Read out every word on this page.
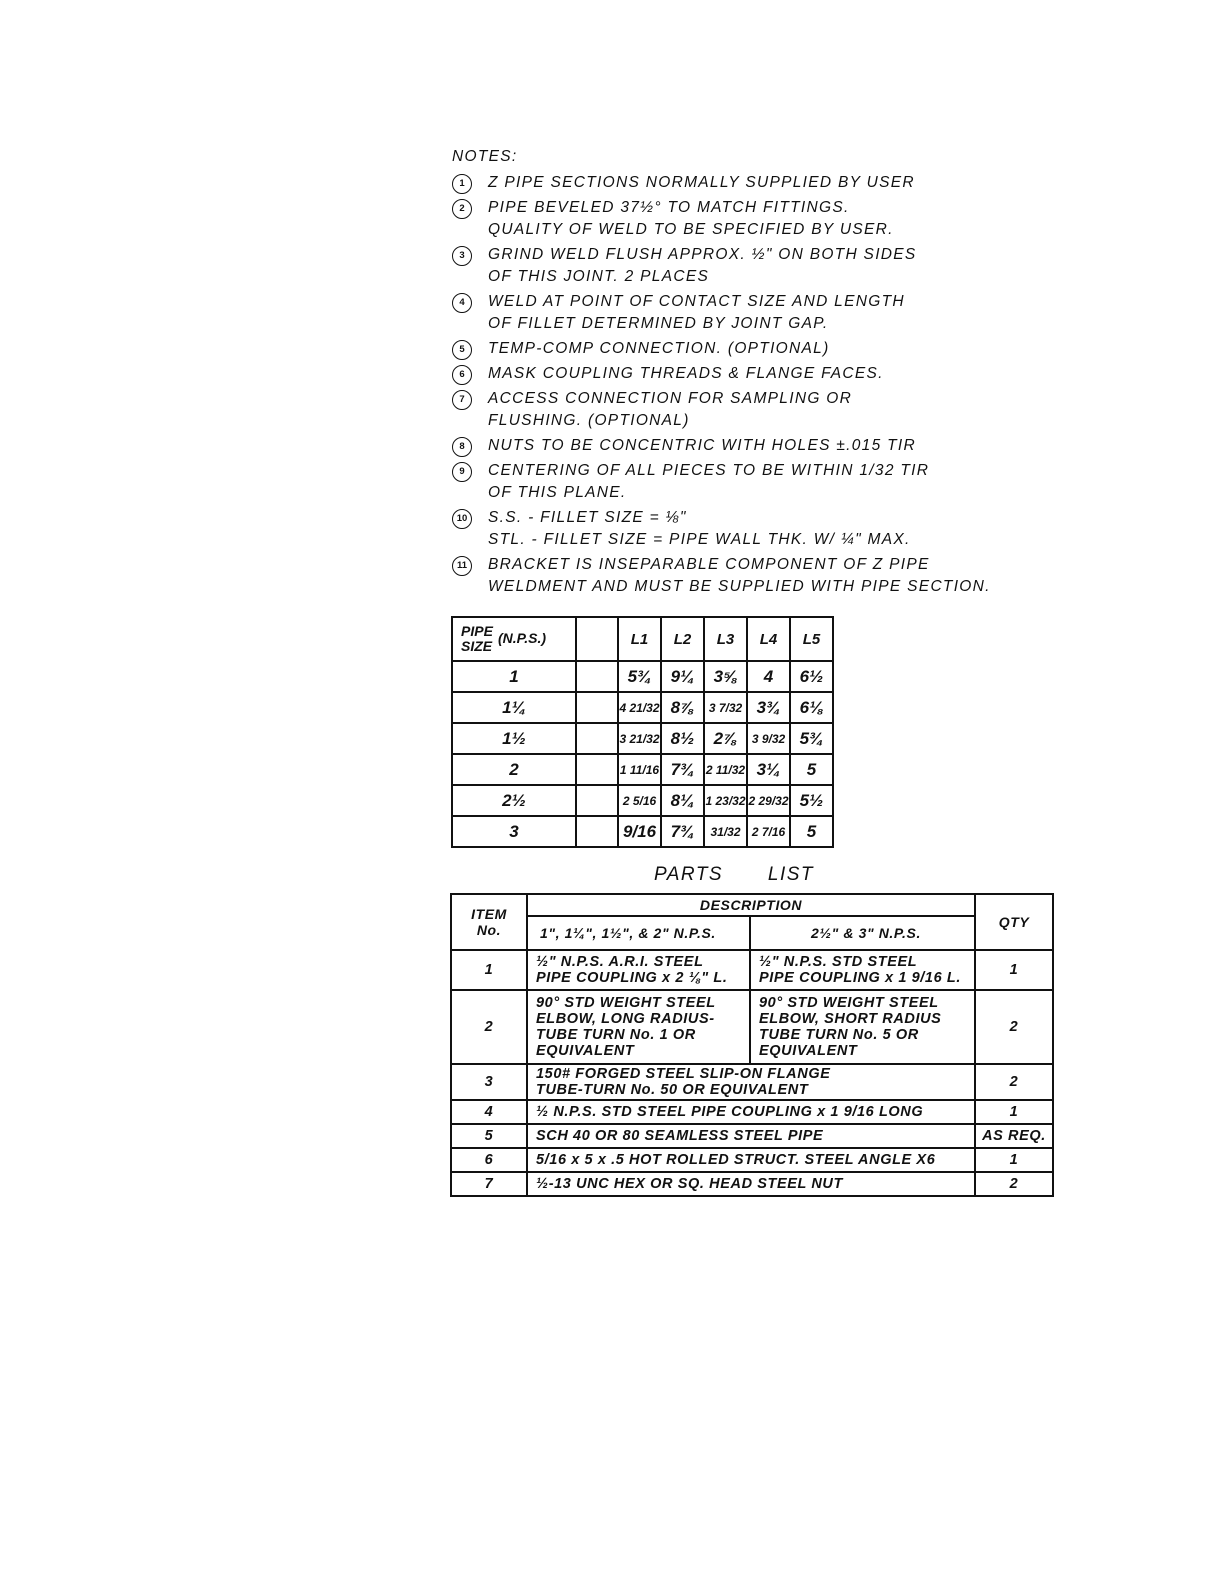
NOTES:
1	Z PIPE SECTIONS NORMALLY SUPPLIED BY USER
2	PIPE BEVELED 37½° TO MATCH FITTINGS.
QUALITY OF WELD TO BE SPECIFIED BY USER.
3	GRIND WELD FLUSH APPROX. ½" ON BOTH SIDES
OF THIS JOINT. 2 PLACES
4	WELD AT POINT OF CONTACT SIZE AND LENGTH
OF FILLET DETERMINED BY JOINT GAP.
5	TEMP-COMP CONNECTION. (OPTIONAL)
6	MASK COUPLING THREADS & FLANGE FACES.
7	ACCESS CONNECTION FOR SAMPLING OR
FLUSHING. (OPTIONAL)
8	NUTS TO BE CONCENTRIC WITH HOLES ±.015 TIR
9	CENTERING OF ALL PIECES TO BE WITHIN 1/32 TIR
OF THIS PLANE.
10	S.S. - FILLET SIZE = ⅛"
STL. - FILLET SIZE = PIPE WALL THK. W/ ¼" MAX.
11	BRACKET IS INSEPARABLE COMPONENT OF Z PIPE
WELDMENT AND MUST BE SUPPLIED WITH PIPE SECTION.
PIPE
SIZE (N.P.S.)		L1	L2	L3	L4	L5
1		5¾	9¼	3⅝	4	6½
1¼		4 21/32	8⅞	3 7/32	3¾	6⅛
1½		3 21/32	8½	2⅞	3 9/32	5¾
2		1 11/16	7¾	2 11/32	3¼	5
2½		2 5/16	8¼	1 23/32	2 29/32	5½
3		9/16	7¾	31/32	2 7/16	5
PARTS LIST
ITEM
No.	DESCRIPTION		QTY
	1", 1¼", 1½", & 2" N.P.S.	2½" & 3" N.P.S.	
1	½" N.P.S. A.R.I. STEEL
PIPE COUPLING x 2 ⅛" L.	½" N.P.S. STD STEEL
PIPE COUPLING x 1 9/16 L.	1
2	90° STD WEIGHT STEEL
ELBOW, LONG RADIUS-
TUBE TURN No. 1 OR
EQUIVALENT	90° STD WEIGHT STEEL
ELBOW, SHORT RADIUS
TUBE TURN No. 5 OR
EQUIVALENT	2
3	150# FORGED STEEL SLIP-ON FLANGE
TUBE-TURN No. 50 OR EQUIVALENT		2
4	½ N.P.S. STD STEEL PIPE COUPLING x 1 9/16 LONG		1
5	SCH 40 OR 80 SEAMLESS STEEL PIPE		AS REQ.
6	5/16 x 5 x .5 HOT ROLLED STRUCT. STEEL ANGLE X6		1
7	½-13 UNC HEX OR SQ. HEAD STEEL NUT		2
